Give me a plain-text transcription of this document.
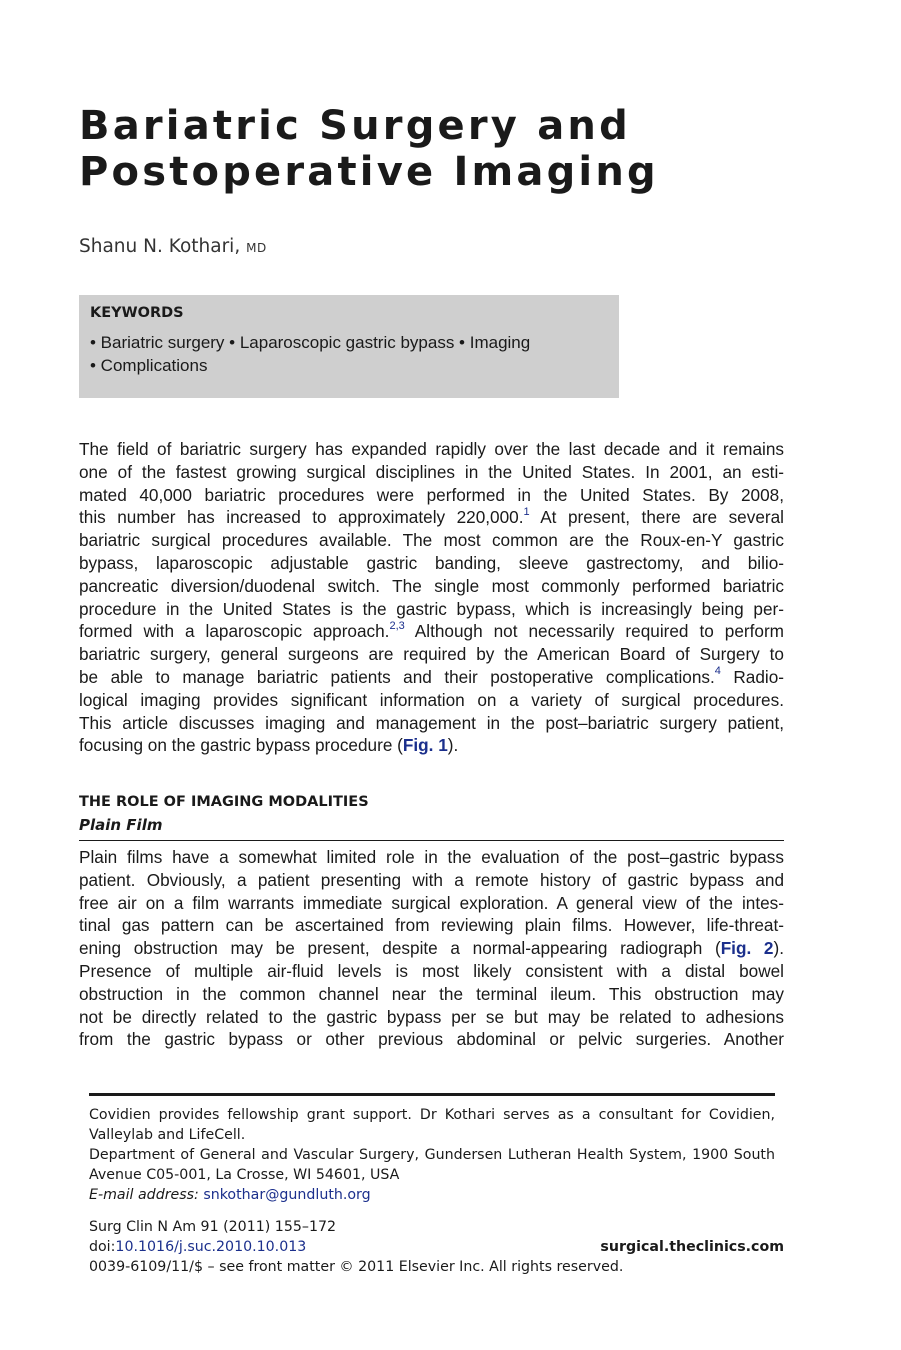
Bariatric Surgery and
Postoperative Imaging
Shanu N. Kothari, MD
KEYWORDS
• Bariatric surgery • Laparoscopic gastric bypass • Imaging
• Complications
The field of bariatric surgery has expanded rapidly over the last decade and it remains
one of the fastest growing surgical disciplines in the United States. In 2001, an esti-
mated 40,000 bariatric procedures were performed in the United States. By 2008,
this number has increased to approximately 220,000.$^1$ At present, there are several
bariatric surgical procedures available. The most common are the Roux-en-Y gastric
bypass, laparoscopic adjustable gastric banding, sleeve gastrectomy, and bilio-
pancreatic diversion/duodenal switch. The single most commonly performed bariatric
procedure in the United States is the gastric bypass, which is increasingly being per-
formed with a laparoscopic approach.$^{2,3}$ Although not necessarily required to perform
bariatric surgery, general surgeons are required by the American Board of Surgery to
be able to manage bariatric patients and their postoperative complications.$^4$ Radio-
logical imaging provides significant information on a variety of surgical procedures.
This article discusses imaging and management in the post–bariatric surgery patient,
focusing on the gastric bypass procedure (Fig. 1).
THE ROLE OF IMAGING MODALITIES
Plain Film
Plain films have a somewhat limited role in the evaluation of the post–gastric bypass
patient. Obviously, a patient presenting with a remote history of gastric bypass and
free air on a film warrants immediate surgical exploration. A general view of the intes-
tinal gas pattern can be ascertained from reviewing plain films. However, life-threat-
ening obstruction may be present, despite a normal-appearing radiograph (Fig. 2).
Presence of multiple air-fluid levels is most likely consistent with a distal bowel
obstruction in the common channel near the terminal ileum. This obstruction may
not be directly related to the gastric bypass per se but may be related to adhesions
from the gastric bypass or other previous abdominal or pelvic surgeries. Another
Covidien provides fellowship grant support. Dr Kothari serves as a consultant for Covidien,
Valleylab and LifeCell.
Department of General and Vascular Surgery, Gundersen Lutheran Health System, 1900 South
Avenue C05-001, La Crosse, WI 54601, USA
E-mail address: snkothar@gundluth.org
Surg Clin N Am 91 (2011) 155–172
doi:10.1016/j.suc.2010.10.013	surgical.theclinics.com
0039-6109/11/$ – see front matter © 2011 Elsevier Inc. All rights reserved.
